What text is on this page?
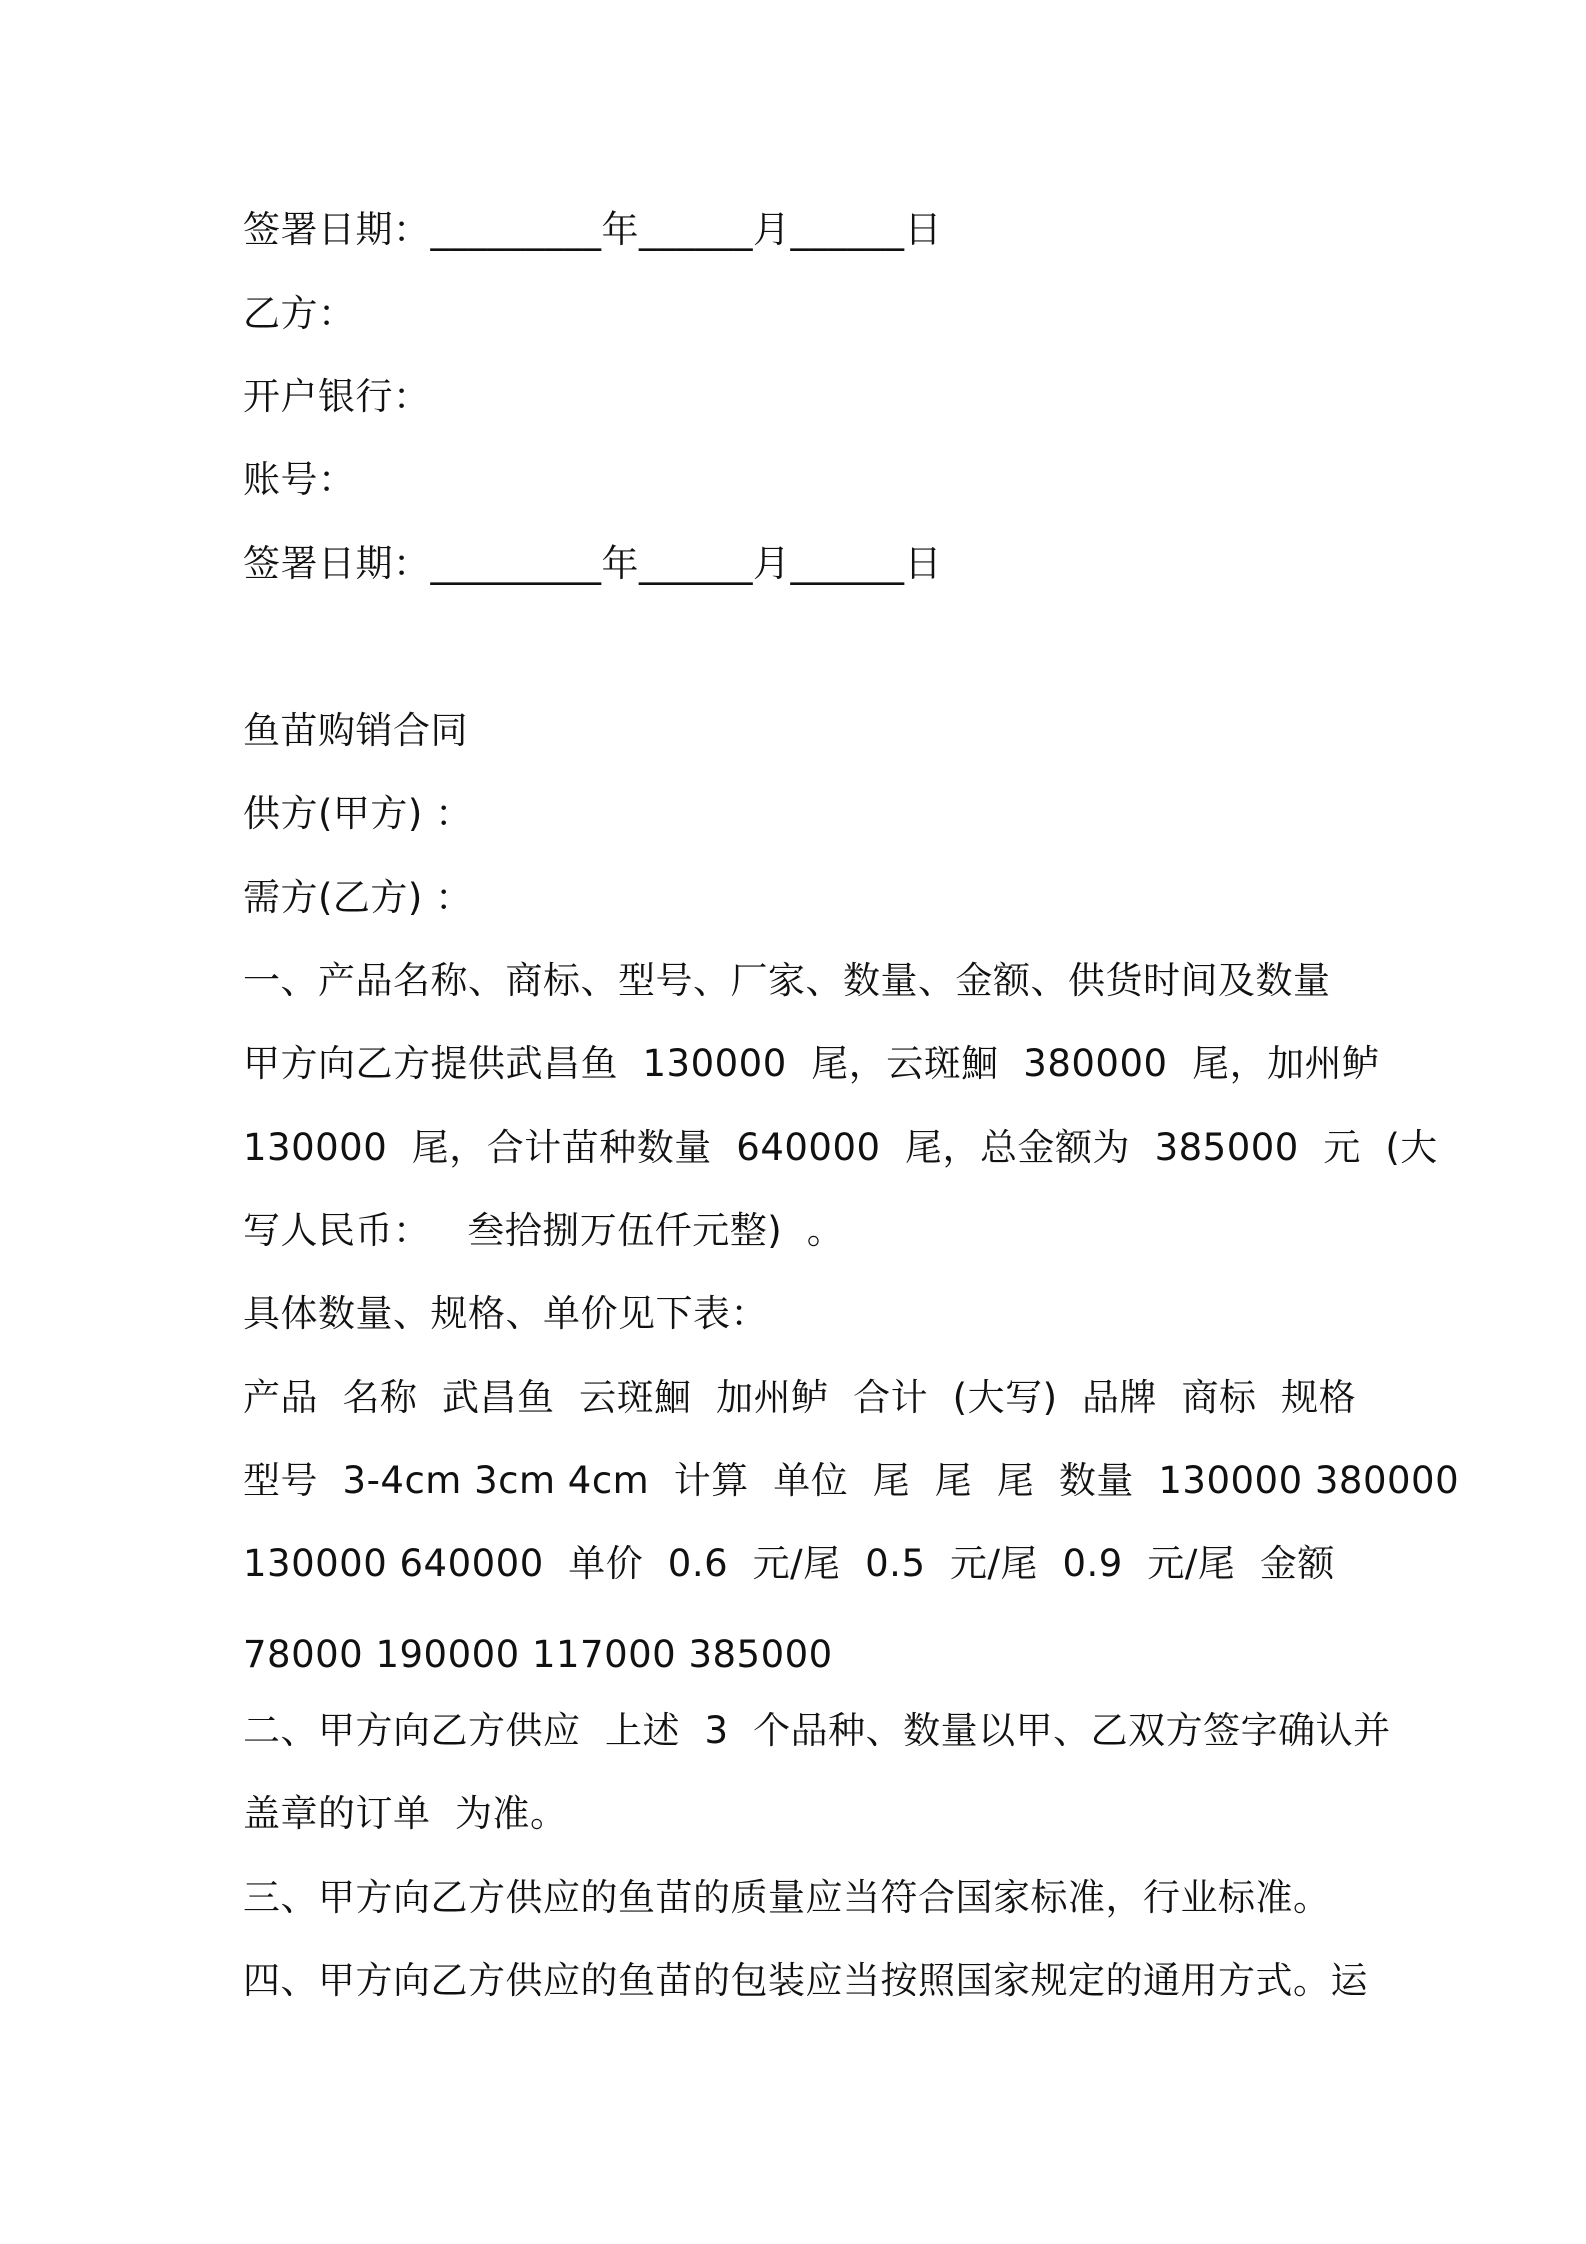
签署日期：_________年______月______日
乙方：
开户银行：
账号：
签署日期：_________年______月______日
鱼苗购销合同
供方(甲方) ：
需方(乙方) ：
一、产品名称、商标、型号、厂家、数量、金额、供货时间及数量
甲方向乙方提供武昌鱼  130000  尾，云斑鮰  380000  尾，加州鲈
130000  尾，合计苗种数量  640000  尾，总金额为  385000  元  (大
写人民币：   叁拾捌万伍仟元整)  。
具体数量、规格、单价见下表：
产品  名称  武昌鱼  云斑鮰  加州鲈  合计  (大写)  品牌  商标  规格
型号  3-4cm 3cm 4cm  计算  单位  尾  尾  尾  数量  130000 380000
130000 640000  单价  0.6  元/尾  0.5  元/尾  0.9  元/尾  金额
78000 190000 117000 385000
二、甲方向乙方供应  上述  3  个品种、数量以甲、乙双方签字确认并
盖章的订单  为准。
三、甲方向乙方供应的鱼苗的质量应当符合国家标准，行业标准。
四、甲方向乙方供应的鱼苗的包装应当按照国家规定的通用方式。运
